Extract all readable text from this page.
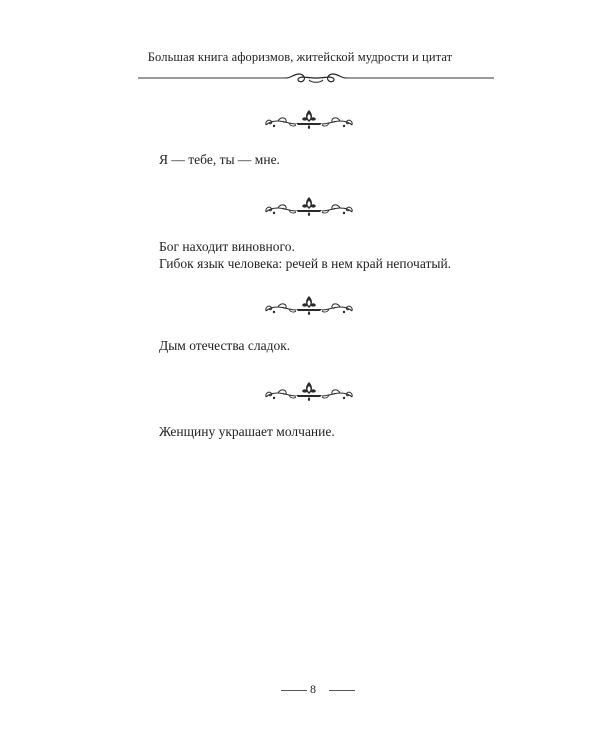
Большая книга афоризмов, житейской мудрости и цитат

Я — тебе, ты — мне.

Бог находит виновного.

Гибок язык человека: речей в нем край непочатый.

Дым отечества сладок.

Женщину украшает молчание.

8
